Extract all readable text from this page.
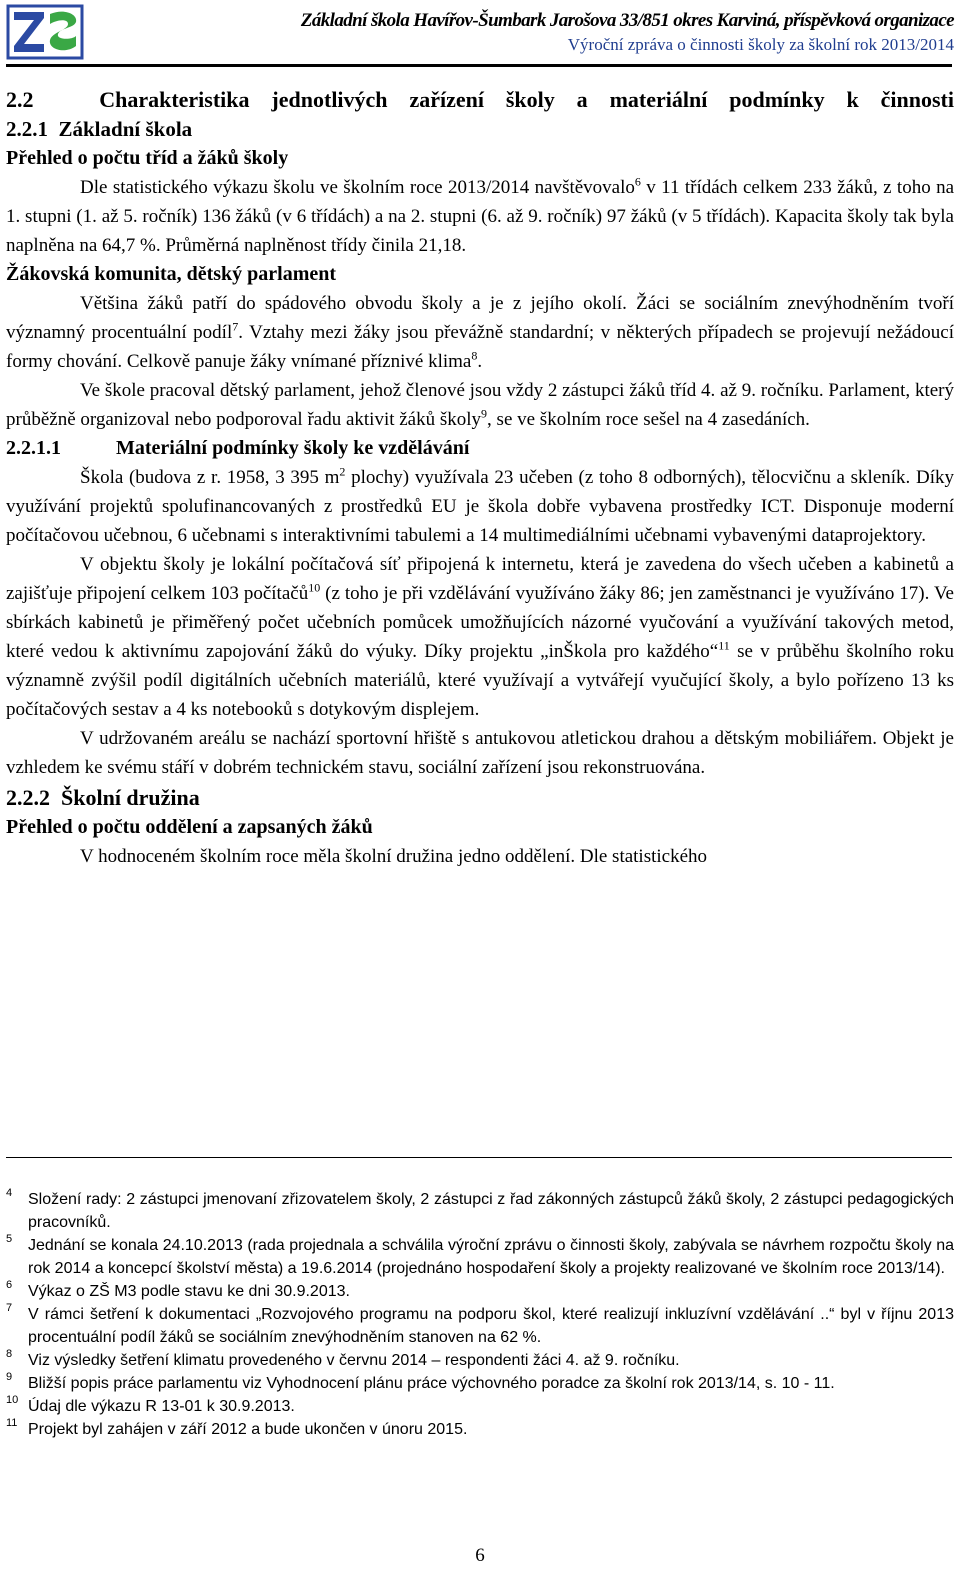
Základní škola Havířov-Šumbark Jarošova 33/851 okres Karviná, příspěvková organizace
Výroční zpráva o činnosti školy za školní rok 2013/2014

2.2	Charakteristika jednotlivých zařízení školy a materiální podmínky k činnosti

2.2.1 Základní škola

Přehled o počtu tříd a žáků školy

Dle statistického výkazu školu ve školním roce 2013/2014 navštěvovalo$^6$ v 11 třídách celkem 233 žáků, z toho na 1. stupni (1. až 5. ročník) 136 žáků (v 6 třídách) a na 2. stupni (6. až 9. ročník) 97 žáků (v 5 třídách). Kapacita školy tak byla naplněna na 64,7 %. Průměrná naplněnost třídy činila 21,18.

Žákovská komunita, dětský parlament

Většina žáků patří do spádového obvodu školy a je z jejího okolí. Žáci se sociálním znevýhodněním tvoří významný procentuální podíl$^7$. Vztahy mezi žáky jsou převážně standardní; v některých případech se projevují nežádoucí formy chování. Celkově panuje žáky vnímané příznivé klima$^8$.

Ve škole pracoval dětský parlament, jehož členové jsou vždy 2 zástupci žáků tříd 4. až 9. ročníku. Parlament, který průběžně organizoval nebo podporoval řadu aktivit žáků školy$^9$, se ve školním roce sešel na 4 zasedáních.

2.2.1.1	Materiální podmínky školy ke vzdělávání

Škola (budova z r. 1958, 3 395 $m^2$ plochy) využívala 23 učeben (z toho 8 odborných), tělocvičnu a skleník. Díky využívání projektů spolufinancovaných z prostředků EU je škola dobře vybavena prostředky ICT. Disponuje moderní počítačovou učebnou, 6 učebnami s interaktivními tabulemi a 14 multimediálními učebnami vybavenými dataprojektory.

V objektu školy je lokální počítačová síť připojená k internetu, která je zavedena do všech učeben a kabinetů a zajišťuje připojení celkem 103 počítačů$^{10}$ (z toho je při vzdělávání využíváno žáky 86; jen zaměstnanci je využíváno 17). Ve sbírkách kabinetů je přiměřený počet učebních pomůcek umožňujících názorné vyučování a využívání takových metod, které vedou k aktivnímu zapojování žáků do výuky. Díky projektu „inŠkola pro každého“$^{11}$ se v průběhu školního roku významně zvýšil podíl digitálních učebních materiálů, které využívají a vytvářejí vyučující školy, a bylo pořízeno 13 ks počítačových sestav a 4 ks notebooků s dotykovým displejem.

V udržovaném areálu se nachází sportovní hřiště s antukovou atletickou drahou a dětským mobiliářem. Objekt je vzhledem ke svému stáří v dobrém technickém stavu, sociální zařízení jsou rekonstruována.

2.2.2 Školní družina

Přehled o počtu oddělení a zapsaných žáků

V hodnoceném školním roce měla školní družina jedno oddělení. Dle statistického

4 Složení rady: 2 zástupci jmenovaní zřizovatelem školy, 2 zástupci z řad zákonných zástupců žáků školy, 2 zástupci pedagogických pracovníků.

5 Jednání se konala 24.10.2013 (rada projednala a schválila výroční zprávu o činnosti školy, zabývala se návrhem rozpočtu školy na rok 2014 a koncepcí školství města) a 19.6.2014 (projednáno hospodaření školy a projekty realizované ve školním roce 2013/14).

6 Výkaz o ZŠ M3 podle stavu ke dni 30.9.2013.

7 V rámci šetření k dokumentaci „Rozvojového programu na podporu škol, které realizují inkluzívní vzdělávání ..“ byl v říjnu 2013 procentuální podíl žáků se sociálním znevýhodněním stanoven na 62 %.

8 Viz výsledky šetření klimatu provedeného v červnu 2014 – respondenti žáci 4. až 9. ročníku.

9 Bližší popis práce parlamentu viz Vyhodnocení plánu práce výchovného poradce za školní rok 2013/14, s. 10 - 11.

10 Údaj dle výkazu R 13-01 k 30.9.2013.

11 Projekt byl zahájen v září 2012 a bude ukončen v únoru 2015.

6
